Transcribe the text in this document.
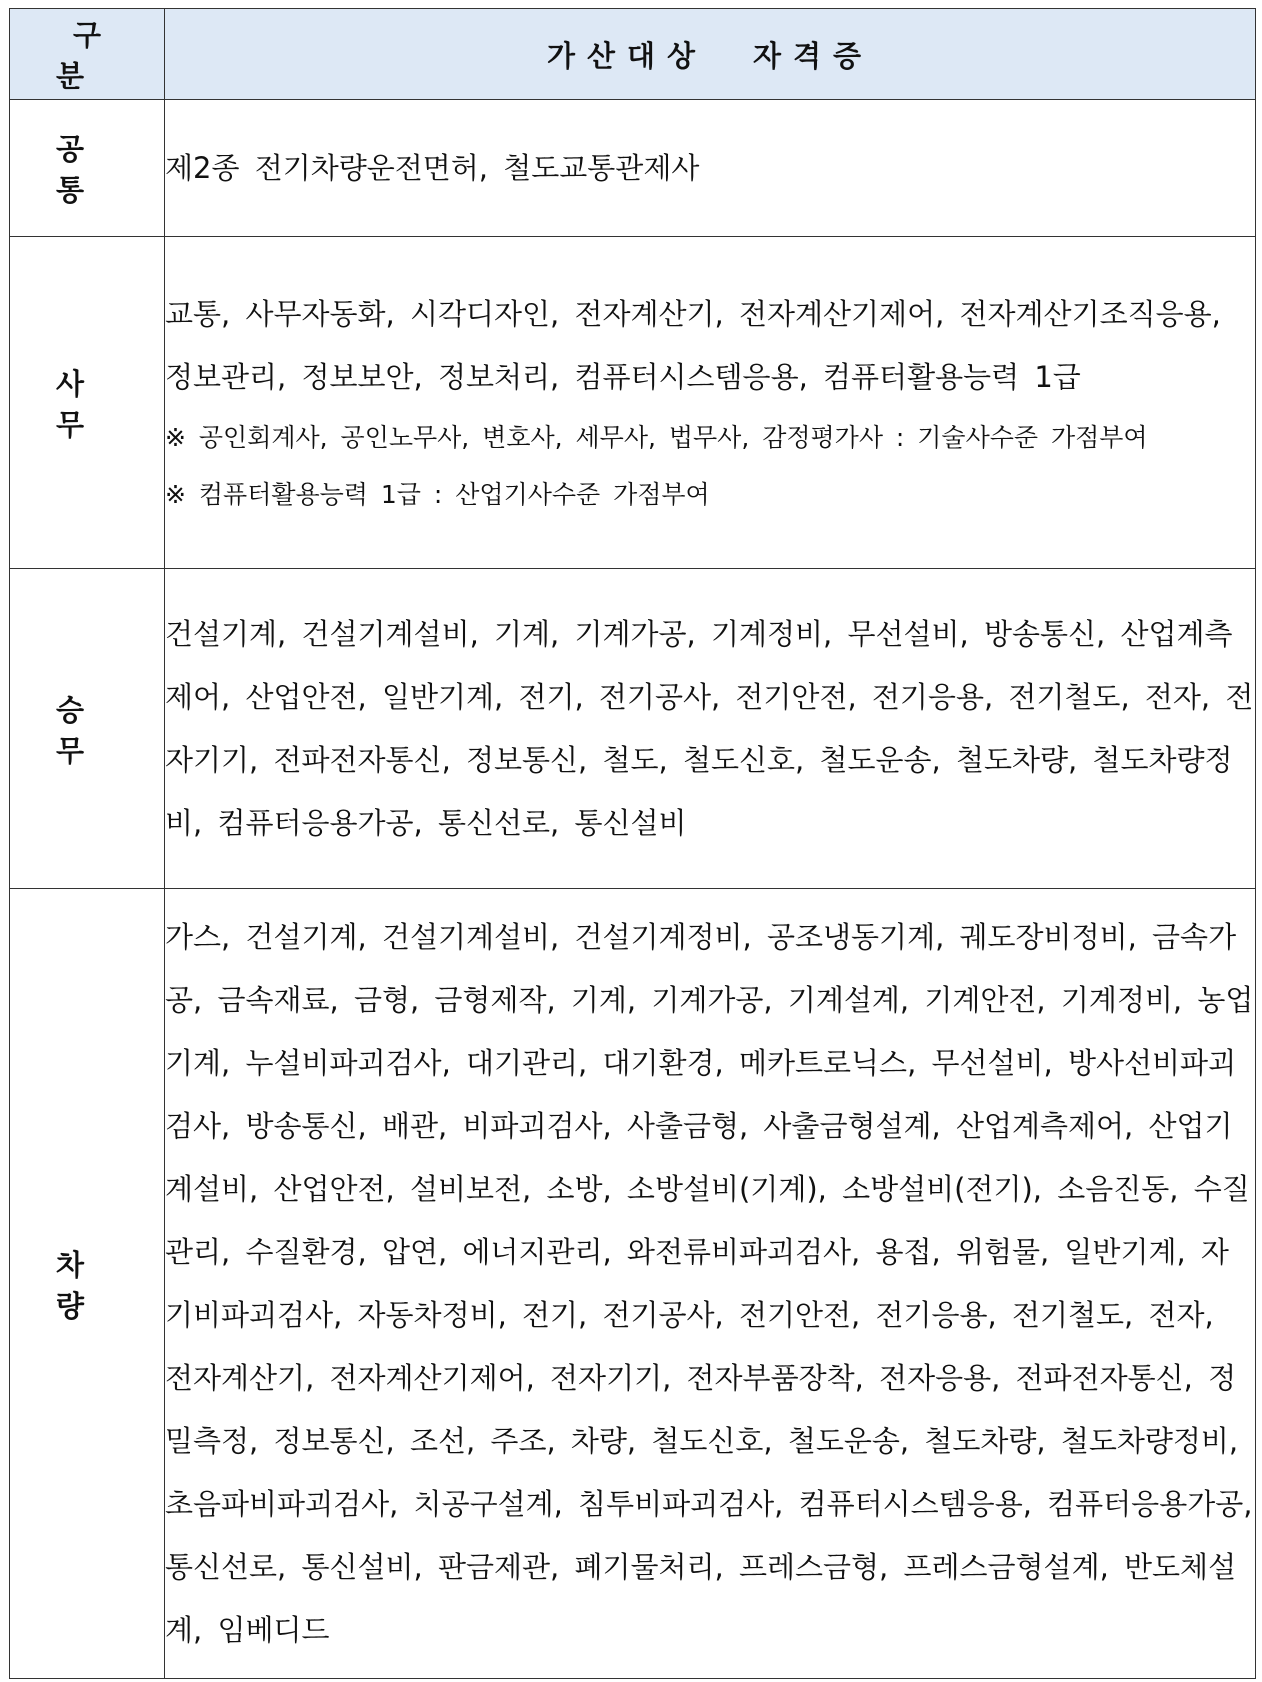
구 분	가산대상 자격증
공 통	제2종 전기차량운전면허, 철도교통관제사

사 무	교통, 사무자동화, 시각디자인, 전자계산기, 전자계산기제어, 전자계산기조직응용, 정보관리, 정보보안, 정보처리, 컴퓨터시스템응용, 컴퓨터활용능력 1급

※ 공인회계사, 공인노무사, 변호사, 세무사, 법무사, 감정평가사 : 기술사수준 가점부여

※ 컴퓨터활용능력 1급 : 산업기사수준 가점부여

승 무	건설기계, 건설기계설비, 기계, 기계가공, 기계정비, 무선설비, 방송통신, 산업계측제어, 산업안전, 일반기계, 전기, 전기공사, 전기안전, 전기응용, 전기철도, 전자, 전자기기, 전파전자통신, 정보통신, 철도, 철도신호, 철도운송, 철도차량, 철도차량정비, 컴퓨터응용가공, 통신선로, 통신설비

차 량	가스, 건설기계, 건설기계설비, 건설기계정비, 공조냉동기계, 궤도장비정비, 금속가공, 금속재료, 금형, 금형제작, 기계, 기계가공, 기계설계, 기계안전, 기계정비, 농업기계, 누설비파괴검사, 대기관리, 대기환경, 메카트로닉스, 무선설비, 방사선비파괴검사, 방송통신, 배관, 비파괴검사, 사출금형, 사출금형설계, 산업계측제어, 산업기계설비, 산업안전, 설비보전, 소방, 소방설비(기계), 소방설비(전기), 소음진동, 수질관리, 수질환경, 압연, 에너지관리, 와전류비파괴검사, 용접, 위험물, 일반기계, 자기비파괴검사, 자동차정비, 전기, 전기공사, 전기안전, 전기응용, 전기철도, 전자, 전자계산기, 전자계산기제어, 전자기기, 전자부품장착, 전자응용, 전파전자통신, 정밀측정, 정보통신, 조선, 주조, 차량, 철도신호, 철도운송, 철도차량, 철도차량정비, 초음파비파괴검사, 치공구설계, 침투비파괴검사, 컴퓨터시스템응용, 컴퓨터응용가공, 통신선로, 통신설비, 판금제관, 폐기물처리, 프레스금형, 프레스금형설계, 반도체설계, 임베디드
